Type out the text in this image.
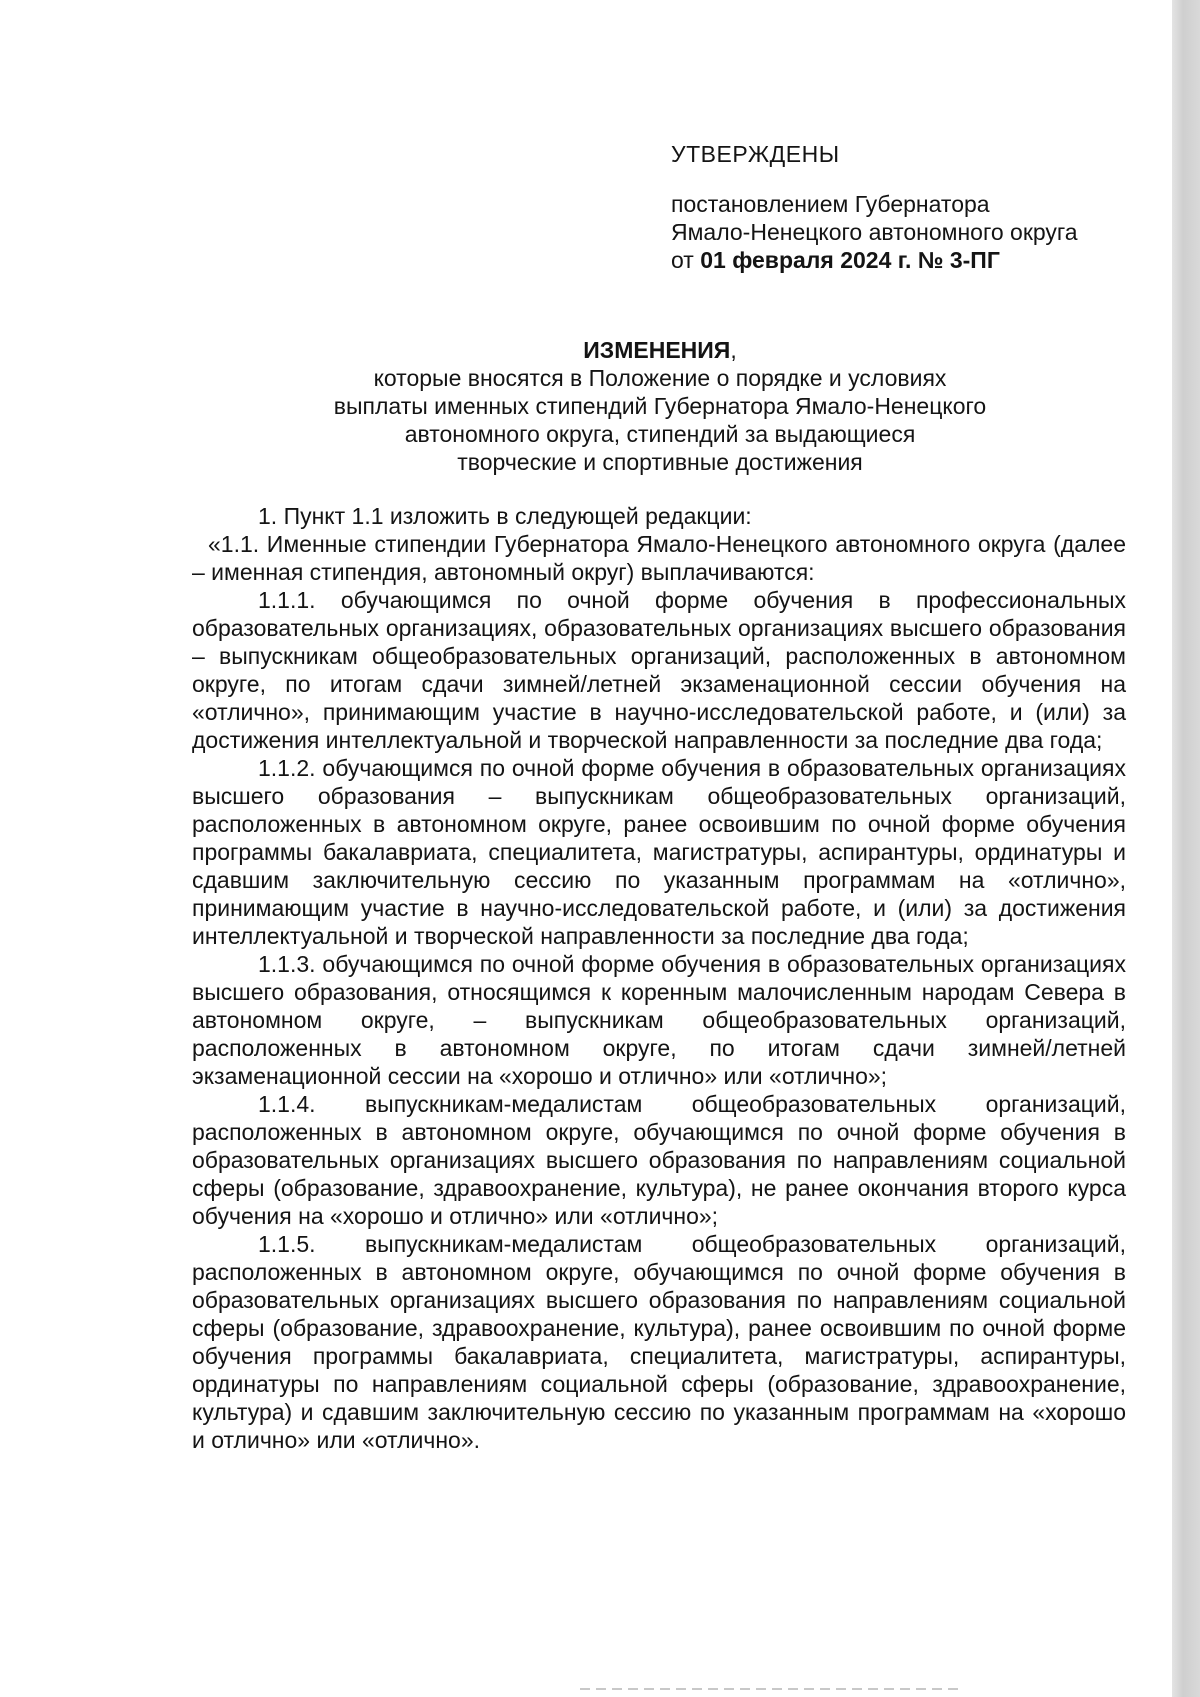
УТВЕРЖДЕНЫ

постановлением Губернатора

Ямало-Ненецкого автономного округа

от 01 февраля 2024 г. № 3-ПГ

ИЗМЕНЕНИЯ,

которые вносятся в Положение о порядке и условиях

выплаты именных стипендий Губернатора Ямало-Ненецкого

автономного округа, стипендий за выдающиеся

творческие и спортивные достижения

1. Пункт 1.1 изложить в следующей редакции:

«1.1. Именные стипендии Губернатора Ямало-Ненецкого автономного округа (далее – именная стипендия, автономный округ) выплачиваются:

1.1.1. обучающимся по очной форме обучения в профессиональных образовательных организациях, образовательных организациях высшего образования – выпускникам общеобразовательных организаций, расположенных в автономном округе, по итогам сдачи зимней/летней экзаменационной сессии обучения на «отлично», принимающим участие в научно-исследовательской работе, и (или) за достижения интеллектуальной и творческой направленности за последние два года;

1.1.2. обучающимся по очной форме обучения в образовательных организациях высшего образования – выпускникам общеобразовательных организаций, расположенных в автономном округе, ранее освоившим по очной форме обучения программы бакалавриата, специалитета, магистратуры, аспирантуры, ординатуры и сдавшим заключительную сессию по указанным программам на «отлично», принимающим участие в научно-исследовательской работе, и (или) за достижения интеллектуальной и творческой направленности за последние два года;

1.1.3. обучающимся по очной форме обучения в образовательных организациях высшего образования, относящимся к коренным малочисленным народам Севера в автономном округе, – выпускникам общеобразовательных организаций, расположенных в автономном округе, по итогам сдачи зимней/летней экзаменационной сессии на «хорошо и отлично» или «отлично»;

1.1.4. выпускникам-медалистам общеобразовательных организаций, расположенных в автономном округе, обучающимся по очной форме обучения в образовательных организациях высшего образования по направлениям социальной сферы (образование, здравоохранение, культура), не ранее окончания второго курса обучения на «хорошо и отлично» или «отлично»;

1.1.5. выпускникам-медалистам общеобразовательных организаций, расположенных в автономном округе, обучающимся по очной форме обучения в образовательных организациях высшего образования по направлениям социальной сферы (образование, здравоохранение, культура), ранее освоившим по очной форме обучения программы бакалавриата, специалитета, магистратуры, аспирантуры, ординатуры по направлениям социальной сферы (образование, здравоохранение, культура) и сдавшим заключительную сессию по указанным программам на «хорошо и отлично» или «отлично».
